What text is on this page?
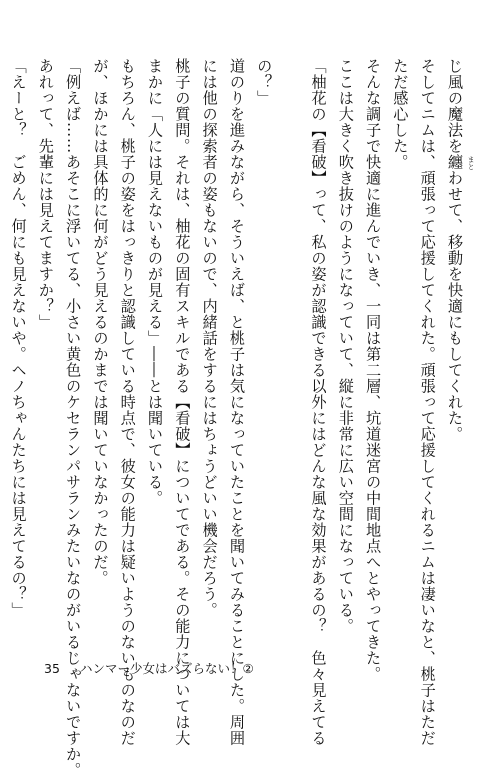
じ風の魔法を纏 まと
わせて、移動を快適にもしてくれた。

そしてニムは、頑張って応援してくれた。頑張って応援してくれるニムは凄いなと、桃子はただ

ただ感心した。

そんな調子で快適に進んでいき、一同は第二層、坑道迷宮の中間地点へとやってきた。

ここは大きく吹き抜けのようになっていて、縦に非常に広い空間になっている。

「柚花の【看破】って、私の姿が認識できる以外にはどんな風な効果があるの？　色々見えてる

の？」

道のりを進みながら、そういえば、と桃子は気になっていたことを聞いてみることにした。周囲

には他の探索者の姿もないので、内緒話をするにはちょうどいい機会だろう。

桃子の質問。それは、柚花の固有スキルである【看破】についてである。その能力については大

まかに「人には見えないものが見える」――とは聞いている。

もちろん、桃子の姿をはっきりと認識している時点で、彼女の能力は疑いようのないものなのだ

が、ほかには具体的に何がどう見えるのかまでは聞いていなかったのだ。

「例えば……あそこに浮いてる、小さい黄色のケセランパサランみたいなのがいるじゃないですか。

あれって、先輩には見えてますか？」

「えーと？　ごめん、何にも見えないや。ヘノちゃんたちには見えてるの？」

35 ハンマー少女はバズらない！②
